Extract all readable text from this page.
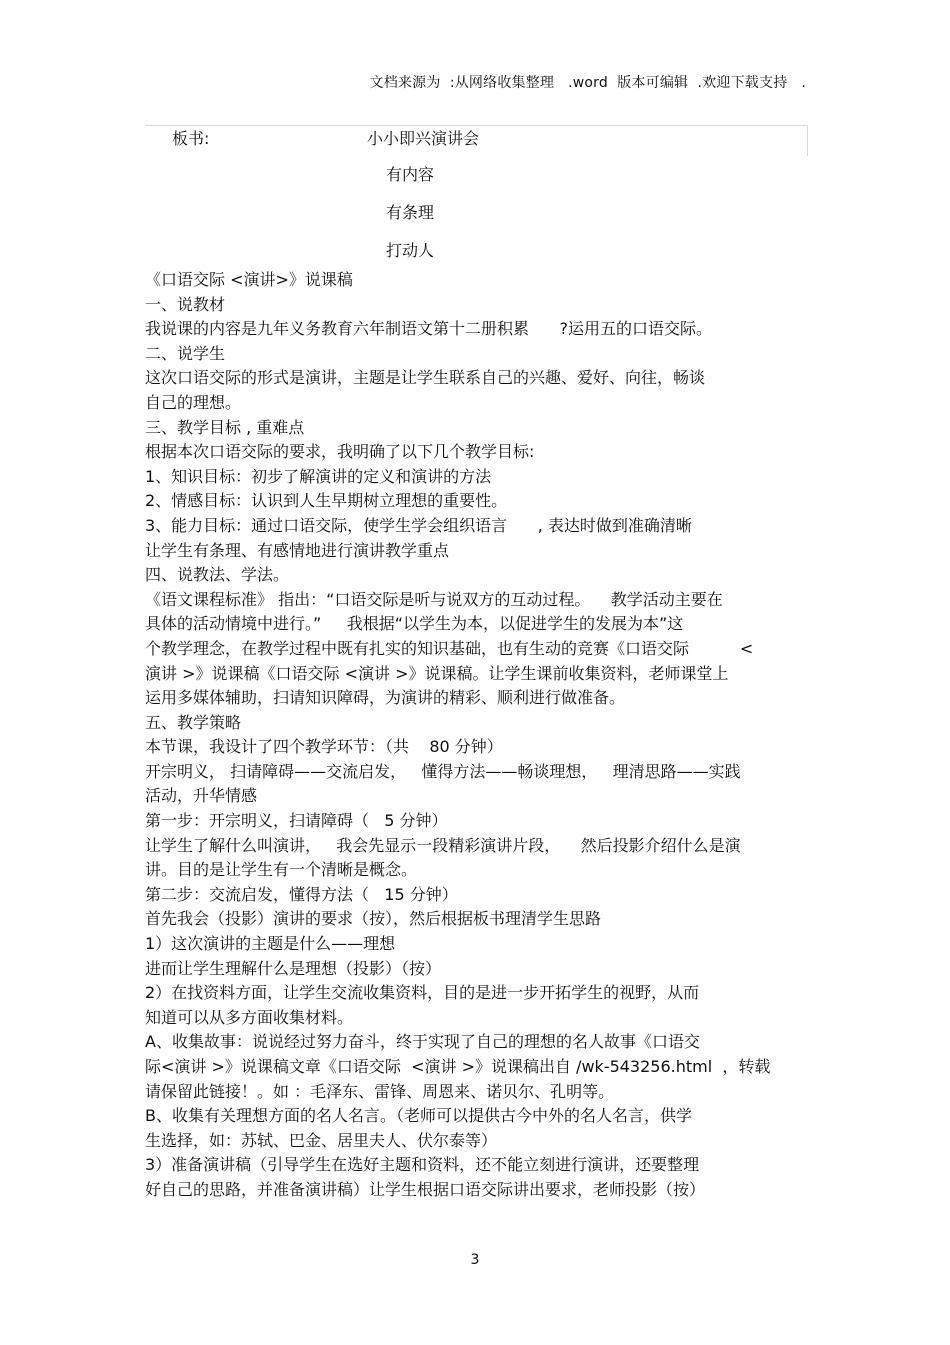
文档来源为  :从网络收集整理   .word  版本可编辑  .欢迎下载支持   .
板书:	小小即兴演讲会
有内容
有条理
打动人
《口语交际 <演讲>》说课稿
一、说教材
我说课的内容是九年义务教育六年制语文第十二册积累      ?运用五的口语交际。
二、说学生
这次口语交际的形式是演讲，主题是让学生联系自己的兴趣、爱好、向往，畅谈
自己的理想。
三、教学目标 , 重难点
根据本次口语交际的要求，我明确了以下几个教学目标:
1、知识目标：初步了解演讲的定义和演讲的方法
2、情感目标：认识到人生早期树立理想的重要性。
3、能力目标：通过口语交际，使学生学会组织语言      , 表达时做到准确清晰
让学生有条理、有感情地进行演讲教学重点
四、说教法、学法。
《语文课程标准》 指出：“口语交际是听与说双方的互动过程。    教学活动主要在
具体的活动情境中进行。”     我根据“以学生为本，以促进学生的发展为本”这
个教学理念，在教学过程中既有扎实的知识基础，也有生动的竞赛《口语交际          <
演讲 >》说课稿《口语交际 <演讲 >》说课稿。让学生课前收集资料，老师课堂上
运用多媒体辅助，扫请知识障碍，为演讲的精彩、顺利进行做准备。
五、教学策略
本节课，我设计了四个教学环节：（共    80 分钟）
开宗明义， 扫请障碍——交流启发，   懂得方法——畅谈理想，   理清思路——实践
活动，升华情感
第一步：开宗明义，扫请障碍（   5 分钟）
让学生了解什么叫演讲，   我会先显示一段精彩演讲片段，    然后投影介绍什么是演
讲。目的是让学生有一个清晰是概念。
第二步：交流启发，懂得方法（   15 分钟）
首先我会（投影）演讲的要求（按），然后根据板书理清学生思路
1）这次演讲的主题是什么——理想
进而让学生理解什么是理想（投影）（按）
2）在找资料方面，让学生交流收集资料，目的是进一步开拓学生的视野，从而
知道可以从多方面收集材料。
A、收集故事：说说经过努力奋斗，终于实现了自己的理想的名人故事《口语交
际<演讲 >》说课稿文章《口语交际  <演讲 >》说课稿出自 /wk-543256.html  ，转载
请保留此链接！。如 ：毛泽东、雷锋、周恩来、诺贝尔、孔明等。
B、收集有关理想方面的名人名言。（老师可以提供古今中外的名人名言，供学
生选择，如：苏轼、巴金、居里夫人、伏尔泰等）
3）准备演讲稿（引导学生在选好主题和资料，还不能立刻进行演讲，还要整理
好自己的思路，并准备演讲稿）让学生根据口语交际讲出要求，老师投影（按）
3
